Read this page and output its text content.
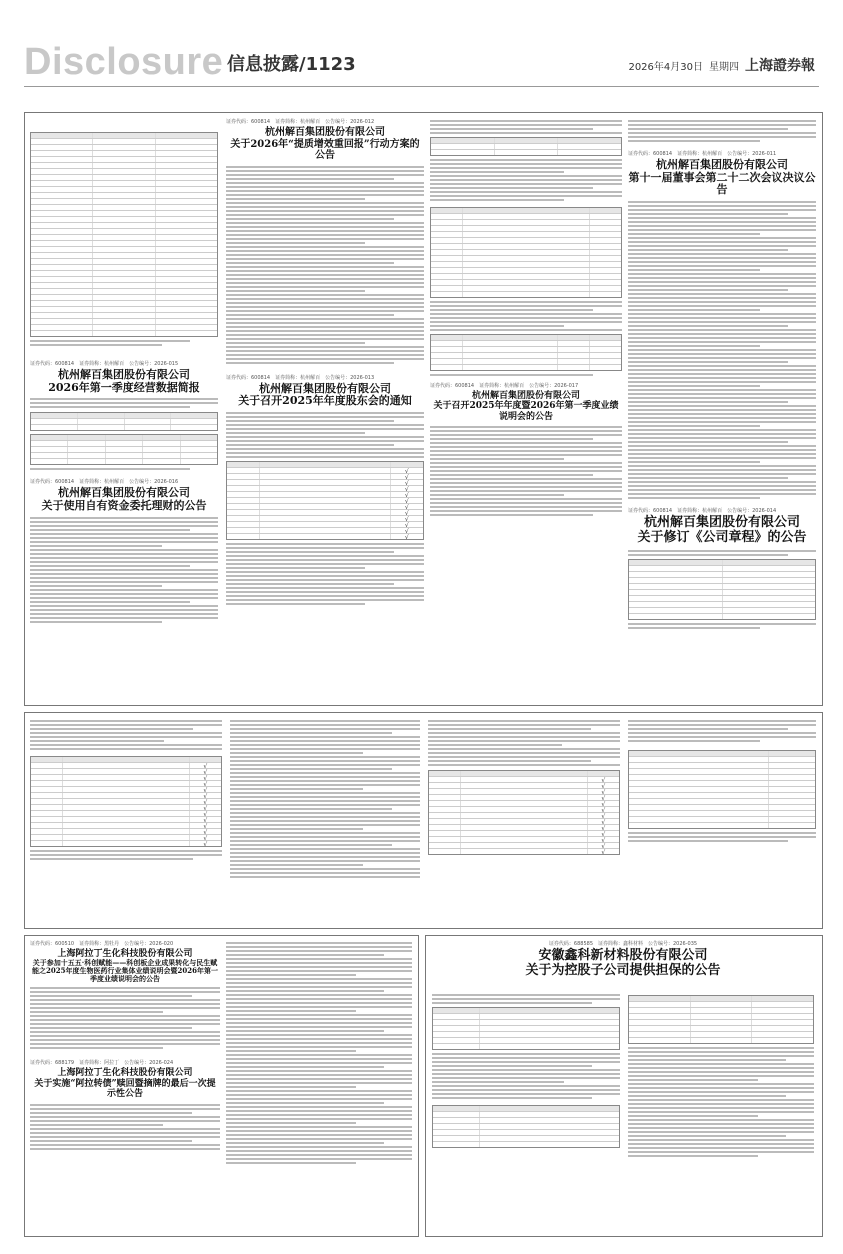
Disclosure 信息披露/1123	2026年4月30日 星期四 上海證券報
证券代码：600814　证券简称：杭州解百　公告编号：2026-015
杭州解百集团股份有限公司
2026年第一季度经营数据简报
证券代码：600814　证券简称：杭州解百　公告编号：2026-016
杭州解百集团股份有限公司
关于使用自有资金委托理财的公告
证券代码：600814　证券简称：杭州解百　公告编号：2026-012
杭州解百集团股份有限公司
关于2026年“提质增效重回报”行动方案的公告
证券代码：600814　证券简称：杭州解百　公告编号：2026-013
杭州解百集团股份有限公司
关于召开2025年年度股东会的通知
√
√
√
√
√
√
√
√
√
√
√
√
证券代码：600814　证券简称：杭州解百　公告编号：2026-017
杭州解百集团股份有限公司
关于召开2025年年度暨2026年第一季度业绩说明会的公告
证券代码：600814　证券简称：杭州解百　公告编号：2026-011
杭州解百集团股份有限公司
第十一届董事会第二十二次会议决议公告
证券代码：600814　证券简称：杭州解百　公告编号：2026-014
杭州解百集团股份有限公司
关于修订《公司章程》的公告
√
√
√
√
√
√
√
√
√
√
√
√
√
√
√
√
√
√
√
√
√
√
√
√
√
√
√
证券代码：600510　证券简称：黑牡丹　公告编号：2026-020
上海阿拉丁生化科技股份有限公司
关于参加十五五·科创赋能——科创板企业成果转化与民生赋能之2025年度生物医药行业集体业绩说明会暨2026年第一季度业绩说明会的公告
证券代码：688179　证券简称：阿拉丁　公告编号：2026-024
上海阿拉丁生化科技股份有限公司
关于实施“阿拉转债”赎回暨摘牌的最后一次提示性公告
证券代码：688585　证券简称：鑫科材料　公告编号：2026-035
安徽鑫科新材料股份有限公司
关于为控股子公司提供担保的公告
